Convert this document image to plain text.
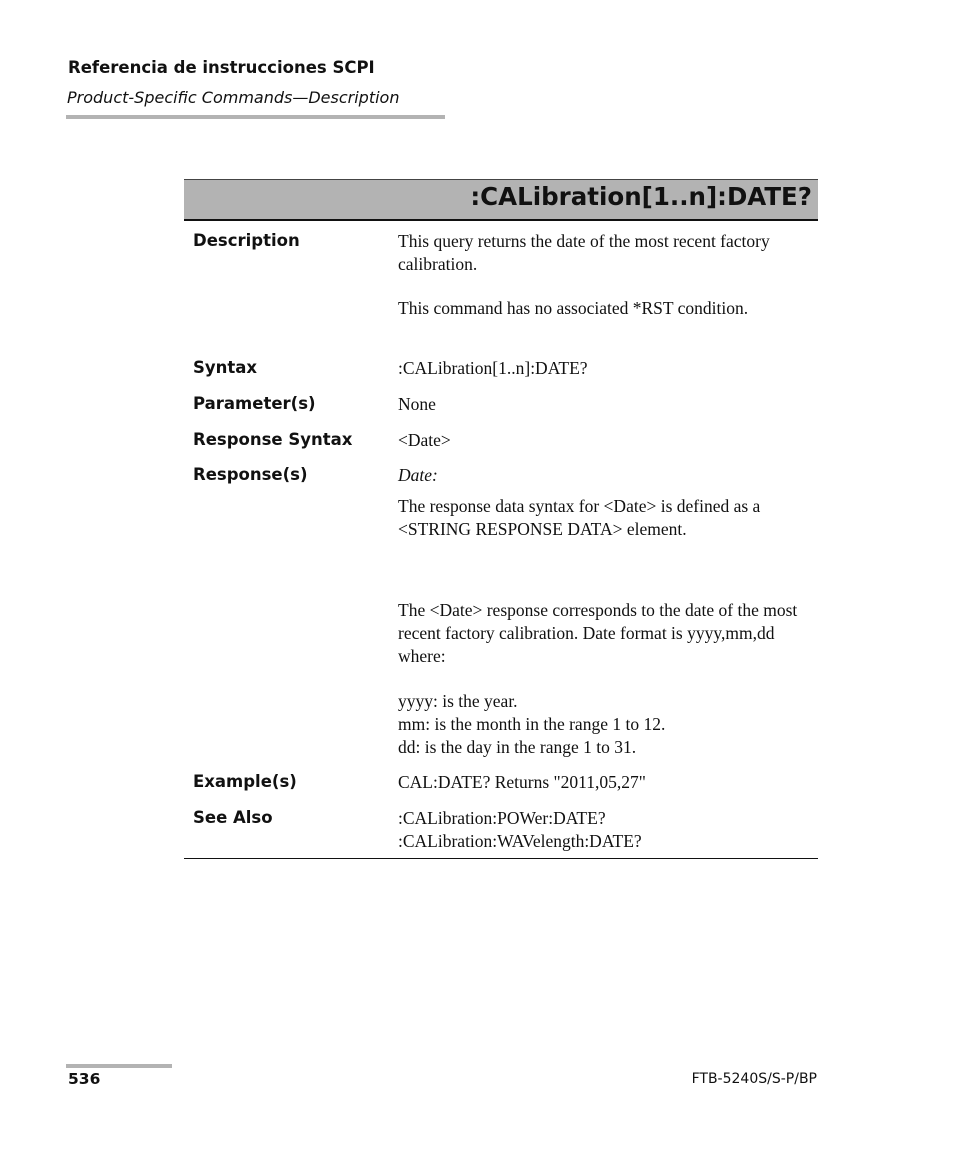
Referencia de instrucciones SCPI
Product-Specific Commands—Description
:CALibration[1..n]:DATE?
Description	This query returns the date of the most recent factory calibration.
This command has no associated *RST condition.
Syntax	:CALibration[1..n]:DATE?
Parameter(s)	None
Response Syntax	<Date>
Response(s)	Date:
The response data syntax for <Date> is defined as a <STRING RESPONSE DATA> element.
The <Date> response corresponds to the date of the most recent factory calibration. Date format is yyyy,mm,dd where:
yyyy: is the year.
mm: is the month in the range 1 to 12.
dd: is the day in the range 1 to 31.
Example(s)	CAL:DATE? Returns "2011,05,27"
See Also	:CALibration:POWer:DATE?
:CALibration:WAVelength:DATE?
536	FTB-5240S/S-P/BP
